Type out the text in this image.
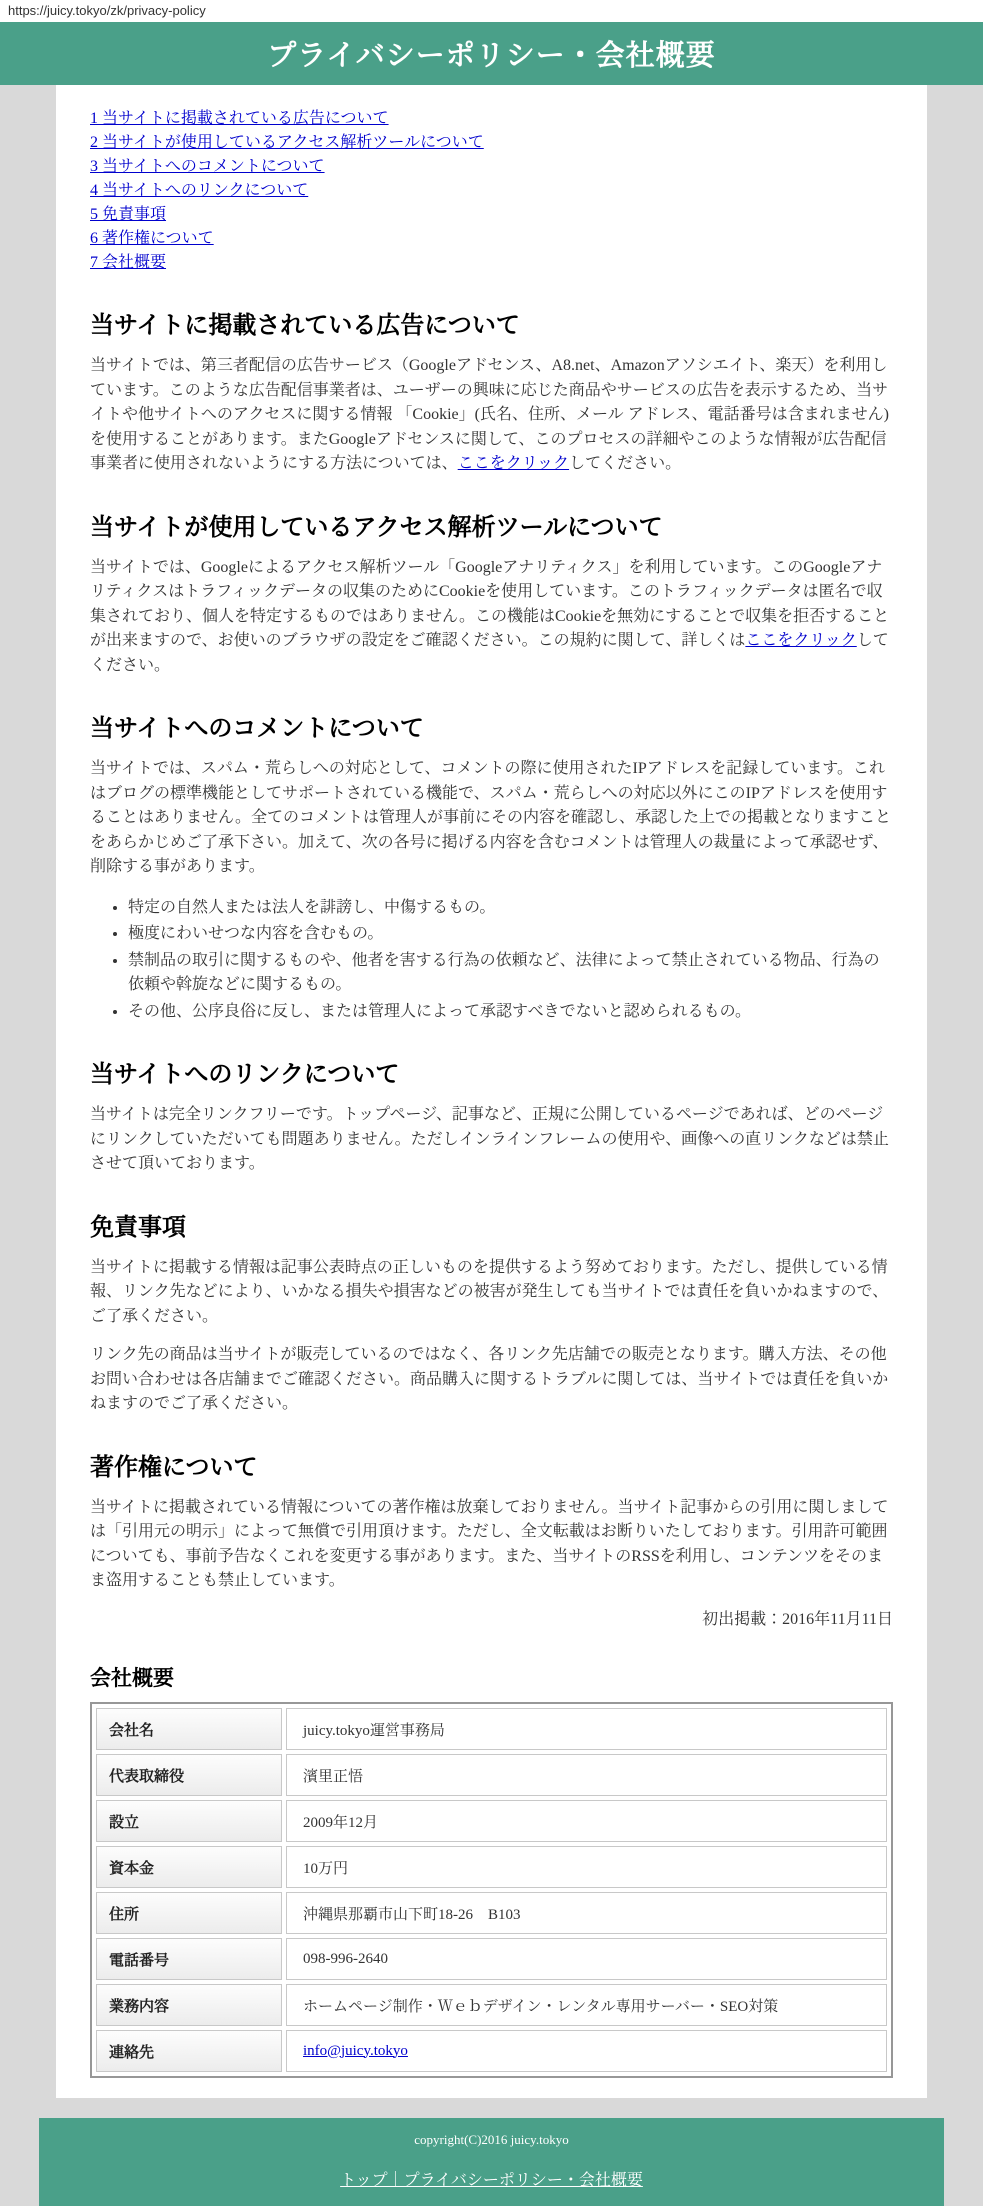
https://juicy.tokyo/zk/privacy-policy
プライバシーポリシー・会社概要
1 当サイトに掲載されている広告について
2 当サイトが使用しているアクセス解析ツールについて
3 当サイトへのコメントについて
4 当サイトへのリンクについて
5 免責事項
6 著作権について
7 会社概要
当サイトに掲載されている広告について

当サイトでは、第三者配信の広告サービス（Googleアドセンス、A8.net、Amazonアソシエイト、楽天）を利用しています。このような広告配信事業者は、ユーザーの興味に応じた商品やサービスの広告を表示するため、当サイトや他サイトへのアクセスに関する情報 「Cookie」(氏名、住所、メール アドレス、電話番号は含まれません) を使用することがあります。またGoogleアドセンスに関して、このプロセスの詳細やこのような情報が広告配信事業者に使用されないようにする方法については、ここをクリックしてください。

当サイトが使用しているアクセス解析ツールについて

当サイトでは、Googleによるアクセス解析ツール「Googleアナリティクス」を利用しています。このGoogleアナリティクスはトラフィックデータの収集のためにCookieを使用しています。このトラフィックデータは匿名で収集されており、個人を特定するものではありません。この機能はCookieを無効にすることで収集を拒否することが出来ますので、お使いのブラウザの設定をご確認ください。この規約に関して、詳しくはここをクリックしてください。

当サイトへのコメントについて

当サイトでは、スパム・荒らしへの対応として、コメントの際に使用されたIPアドレスを記録しています。これはブログの標準機能としてサポートされている機能で、スパム・荒らしへの対応以外にこのIPアドレスを使用することはありません。全てのコメントは管理人が事前にその内容を確認し、承認した上での掲載となりますことをあらかじめご了承下さい。加えて、次の各号に掲げる内容を含むコメントは管理人の裁量によって承認せず、削除する事があります。

• 特定の自然人または法人を誹謗し、中傷するもの。
• 極度にわいせつな内容を含むもの。
• 禁制品の取引に関するものや、他者を害する行為の依頼など、法律によって禁止されている物品、行為の依頼や斡旋などに関するもの。
• その他、公序良俗に反し、または管理人によって承認すべきでないと認められるもの。
当サイトへのリンクについて

当サイトは完全リンクフリーです。トップページ、記事など、正規に公開しているページであれば、どのページにリンクしていただいても問題ありません。ただしインラインフレームの使用や、画像への直リンクなどは禁止させて頂いております。

免責事項

当サイトに掲載する情報は記事公表時点の正しいものを提供するよう努めております。ただし、提供している情報、リンク先などにより、いかなる損失や損害などの被害が発生しても当サイトでは責任を負いかねますので、ご了承ください。

リンク先の商品は当サイトが販売しているのではなく、各リンク先店舗での販売となります。購入方法、その他お問い合わせは各店舗までご確認ください。商品購入に関するトラブルに関しては、当サイトでは責任を負いかねますのでご了承ください。

著作権について

当サイトに掲載されている情報についての著作権は放棄しておりません。当サイト記事からの引用に関しましては「引用元の明示」によって無償で引用頂けます。ただし、全文転載はお断りいたしております。引用許可範囲についても、事前予告なくこれを変更する事があります。また、当サイトのRSSを利用し、コンテンツをそのまま盗用することも禁止しています。

初出掲載：2016年11月11日

会社概要
会社名	juicy.tokyo運営事務局
代表取締役	濱里正悟
設立	2009年12月
資本金	10万円
住所	沖縄県那覇市山下町18-26　B103
電話番号	098-996-2640
業務内容	ホームページ制作・Ｗｅｂデザイン・レンタル専用サーバー・SEO対策
連絡先	info@juicy.tokyo
copyright(C)2016 juicy.tokyo
トップ｜プライバシーポリシー・会社概要
